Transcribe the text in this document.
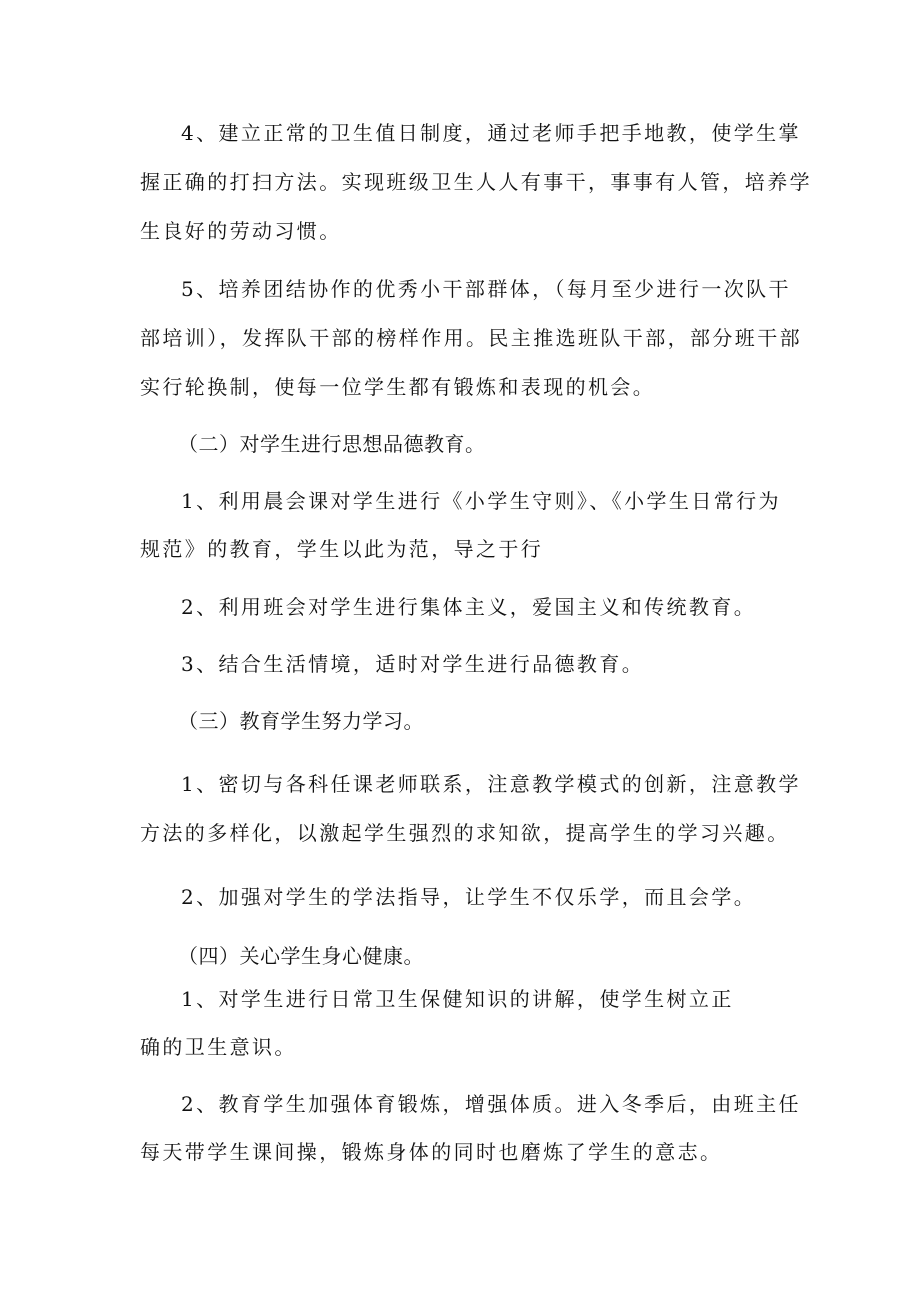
4、建立正常的卫生值日制度，通过老师手把手地教，使学生掌
握正确的打扫方法。实现班级卫生人人有事干，事事有人管，培养学
生良好的劳动习惯。
5、培养团结协作的优秀小干部群体，（每月至少进行一次队干
部培训），发挥队干部的榜样作用。民主推选班队干部，部分班干部
实行轮换制，使每一位学生都有锻炼和表现的机会。
（二）对学生进行思想品德教育。
1、利用晨会课对学生进行《小学生守则》、《小学生日常行为
规范》的教育，学生以此为范，导之于行
2、利用班会对学生进行集体主义，爱国主义和传统教育。
3、结合生活情境，适时对学生进行品德教育。
（三）教育学生努力学习。
1、密切与各科任课老师联系，注意教学模式的创新，注意教学
方法的多样化，以激起学生强烈的求知欲，提高学生的学习兴趣。
2、加强对学生的学法指导，让学生不仅乐学，而且会学。
（四）关心学生身心健康。
1、对学生进行日常卫生保健知识的讲解，使学生树立正
确的卫生意识。
2、教育学生加强体育锻炼，增强体质。进入冬季后，由班主任
每天带学生课间操，锻炼身体的同时也磨炼了学生的意志。
